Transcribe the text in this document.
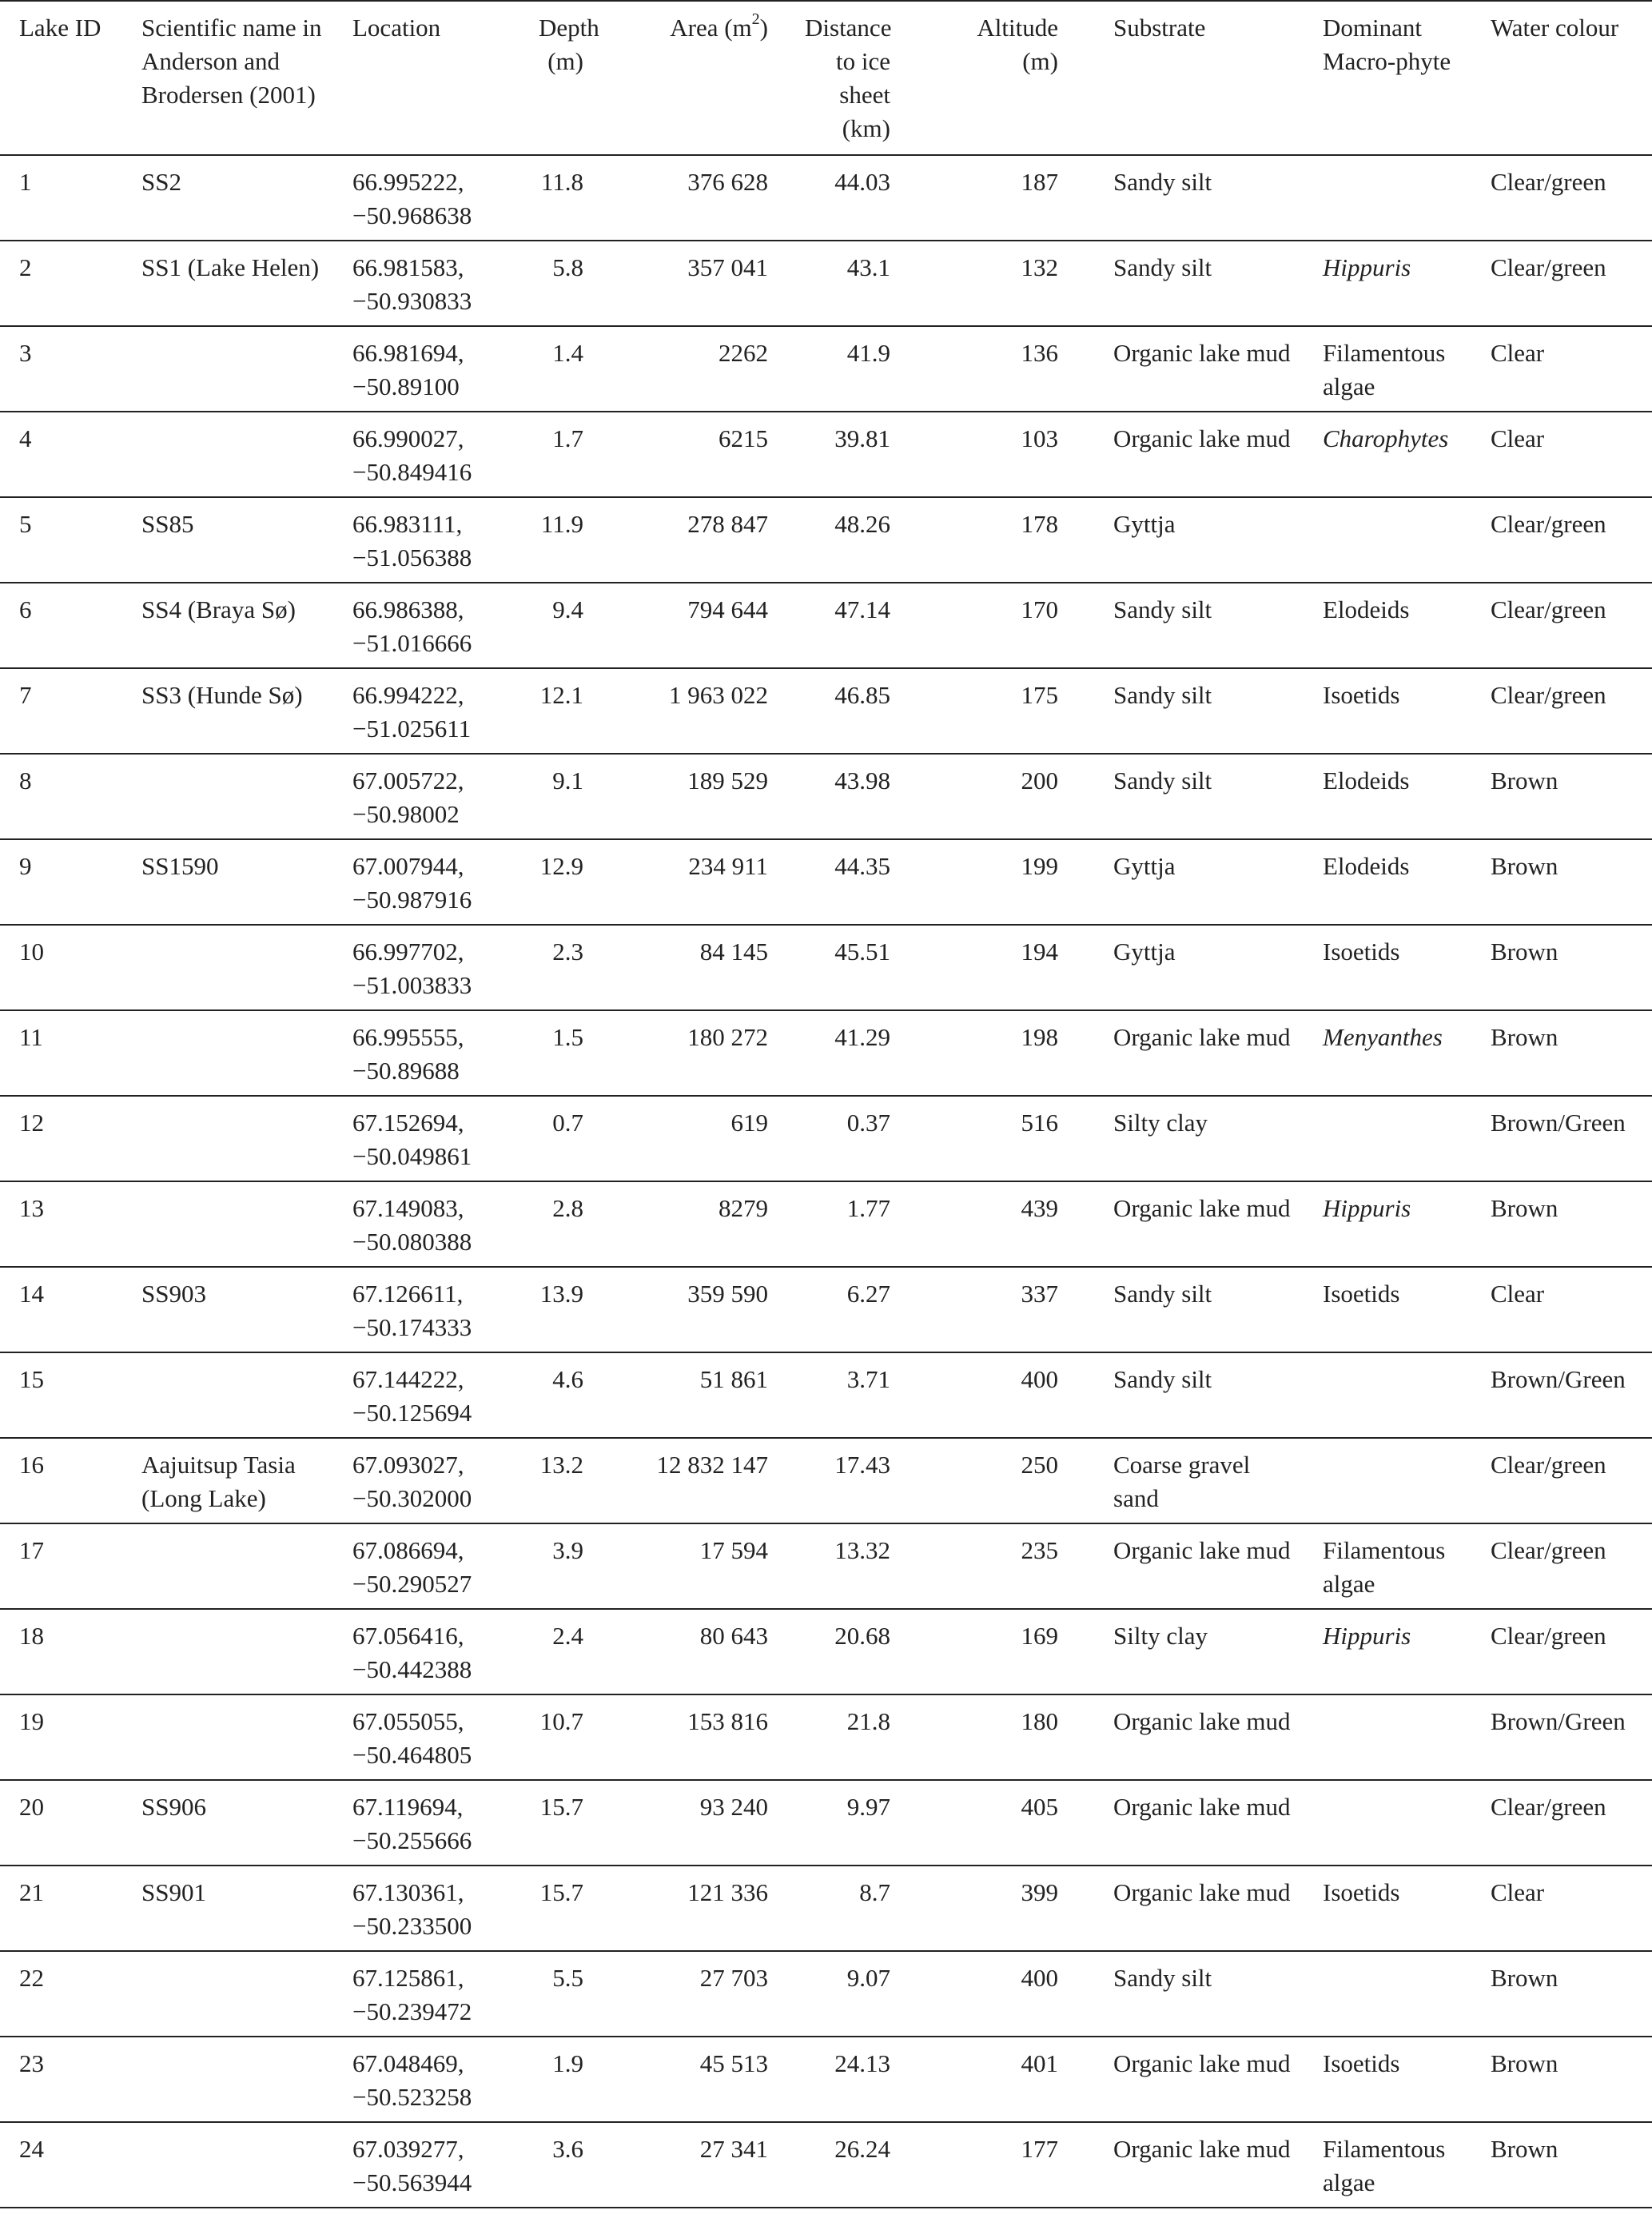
Lake ID	Scientific name in Anderson and Brodersen (2001)	Location	Depth (m)	Area $(m^2)$	Distance to ice sheet (km)	Altitude (m)	Substrate	Dominant Macro-phyte	Water colour
1	SS2	66.995222, −50.968638	11.8	376 628	44.03	187	Sandy silt		Clear/green
2	SS1 (Lake Helen)	66.981583, −50.930833	5.8	357 041	43.1	132	Sandy silt	Hippuris	Clear/green
3		66.981694, −50.89100	1.4	2262	41.9	136	Organic lake mud	Filamentous algae	Clear
4		66.990027, −50.849416	1.7	6215	39.81	103	Organic lake mud	Charophytes	Clear
5	SS85	66.983111, −51.056388	11.9	278 847	48.26	178	Gyttja		Clear/green
6	SS4 (Braya Sø)	66.986388, −51.016666	9.4	794 644	47.14	170	Sandy silt	Elodeids	Clear/green
7	SS3 (Hunde Sø)	66.994222, −51.025611	12.1	1 963 022	46.85	175	Sandy silt	Isoetids	Clear/green
8		67.005722, −50.98002	9.1	189 529	43.98	200	Sandy silt	Elodeids	Brown
9	SS1590	67.007944, −50.987916	12.9	234 911	44.35	199	Gyttja	Elodeids	Brown
10		66.997702, −51.003833	2.3	84 145	45.51	194	Gyttja	Isoetids	Brown
11		66.995555, −50.89688	1.5	180 272	41.29	198	Organic lake mud	Menyanthes	Brown
12		67.152694, −50.049861	0.7	619	0.37	516	Silty clay		Brown/Green
13		67.149083, −50.080388	2.8	8279	1.77	439	Organic lake mud	Hippuris	Brown
14	SS903	67.126611, −50.174333	13.9	359 590	6.27	337	Sandy silt	Isoetids	Clear
15		67.144222, −50.125694	4.6	51 861	3.71	400	Sandy silt		Brown/Green
16	Aajuitsup Tasia (Long Lake)	67.093027, −50.302000	13.2	12 832 147	17.43	250	Coarse gravel sand		Clear/green
17		67.086694, −50.290527	3.9	17 594	13.32	235	Organic lake mud	Filamentous algae	Clear/green
18		67.056416, −50.442388	2.4	80 643	20.68	169	Silty clay	Hippuris	Clear/green
19		67.055055, −50.464805	10.7	153 816	21.8	180	Organic lake mud		Brown/Green
20	SS906	67.119694, −50.255666	15.7	93 240	9.97	405	Organic lake mud		Clear/green
21	SS901	67.130361, −50.233500	15.7	121 336	8.7	399	Organic lake mud	Isoetids	Clear
22		67.125861, −50.239472	5.5	27 703	9.07	400	Sandy silt		Brown
23		67.048469, −50.523258	1.9	45 513	24.13	401	Organic lake mud	Isoetids	Brown
24		67.039277, −50.563944	3.6	27 341	26.24	177	Organic lake mud	Filamentous algae	Brown
